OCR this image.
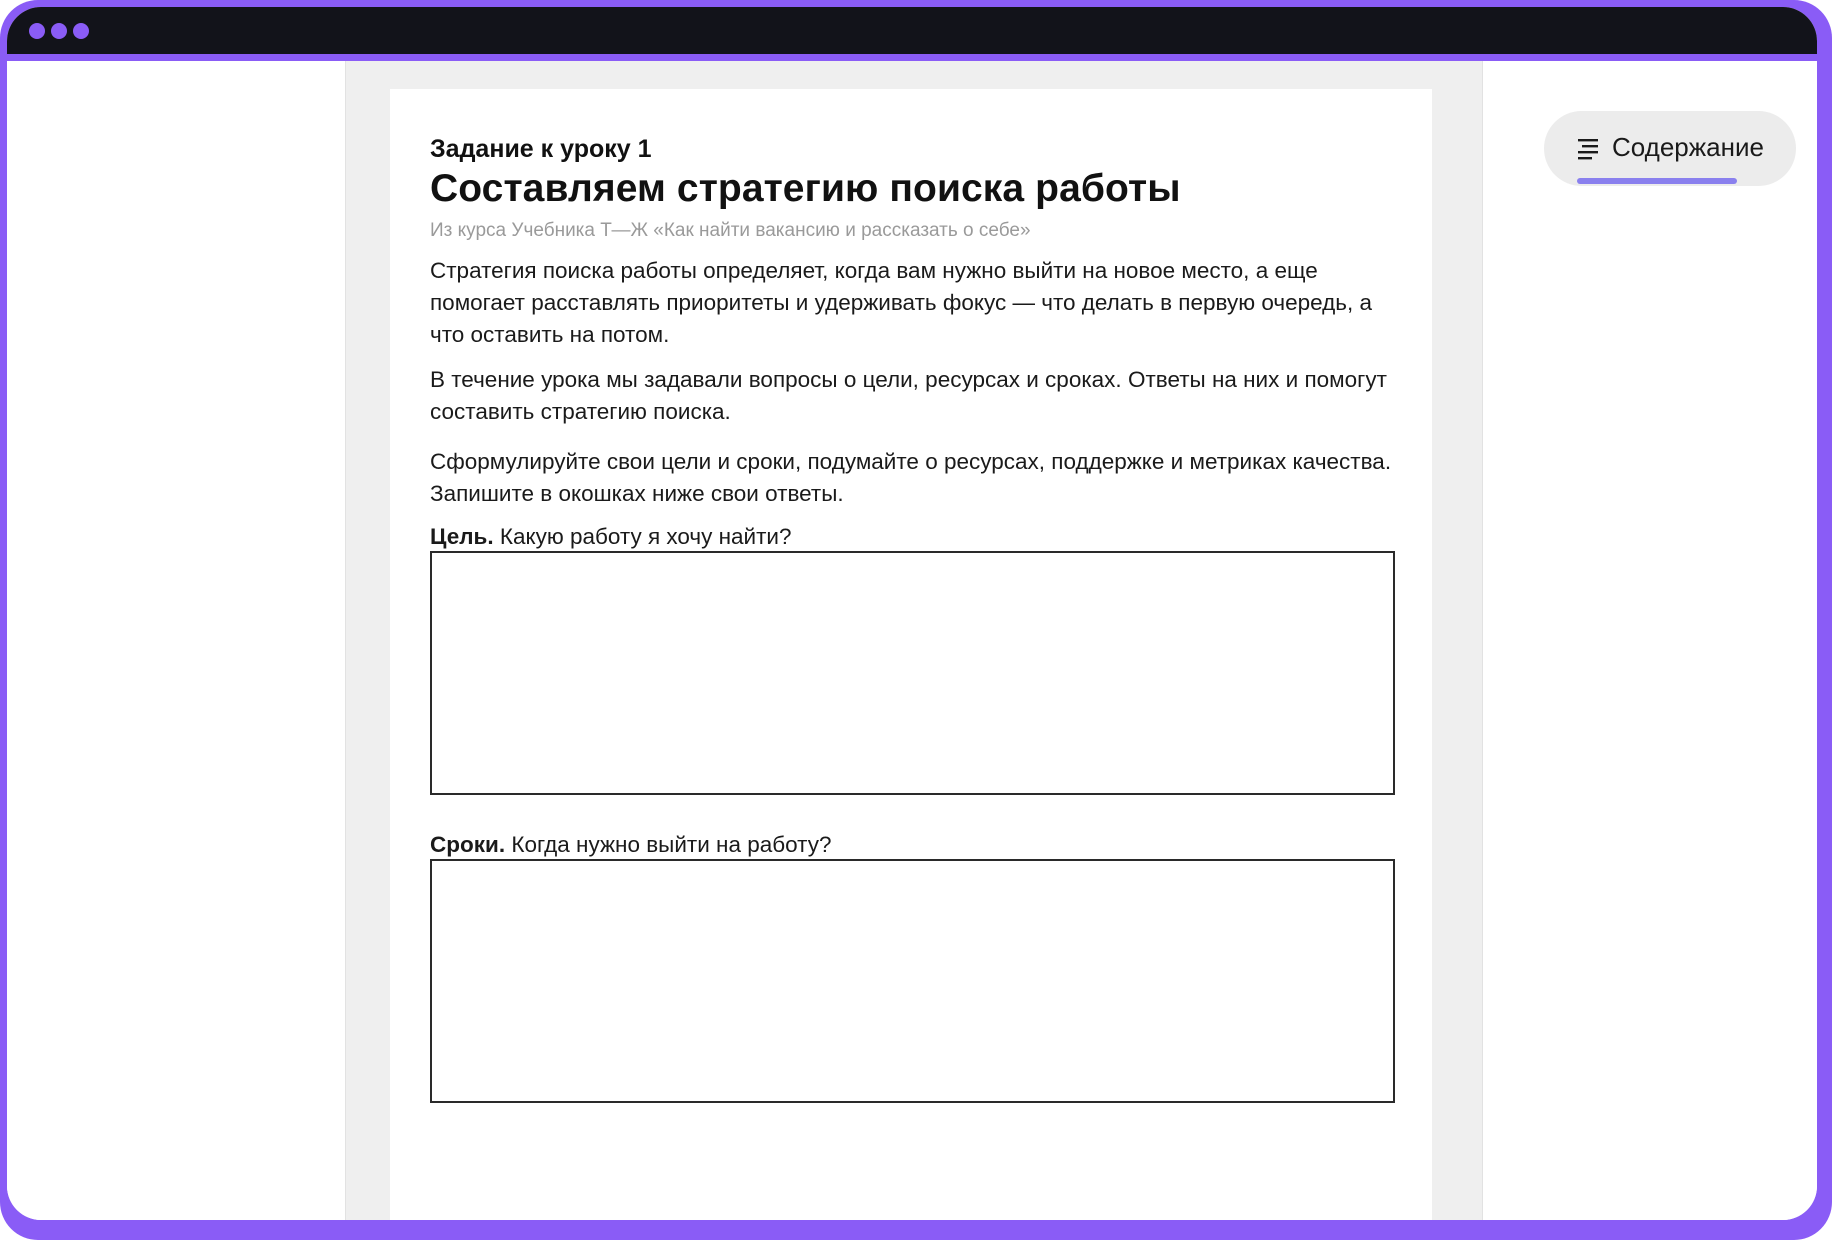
Задание к уроку 1
Составляем стратегию поиска работы
Из курса Учебника Т—Ж «Как найти вакансию и рассказать о себе»
Стратегия поиска работы определяет, когда вам нужно выйти на новое место, а еще помогает расставлять приоритеты и удерживать фокус — что делать в первую очередь, а что оставить на потом.
В течение урока мы задавали вопросы о цели, ресурсах и сроках. Ответы на них и помогут составить стратегию поиска.
Сформулируйте свои цели и сроки, подумайте о ресурсах, поддержке и метриках качества. Запишите в окошках ниже свои ответы.
Цель. Какую работу я хочу найти?
Сроки. Когда нужно выйти на работу?
Содержание
